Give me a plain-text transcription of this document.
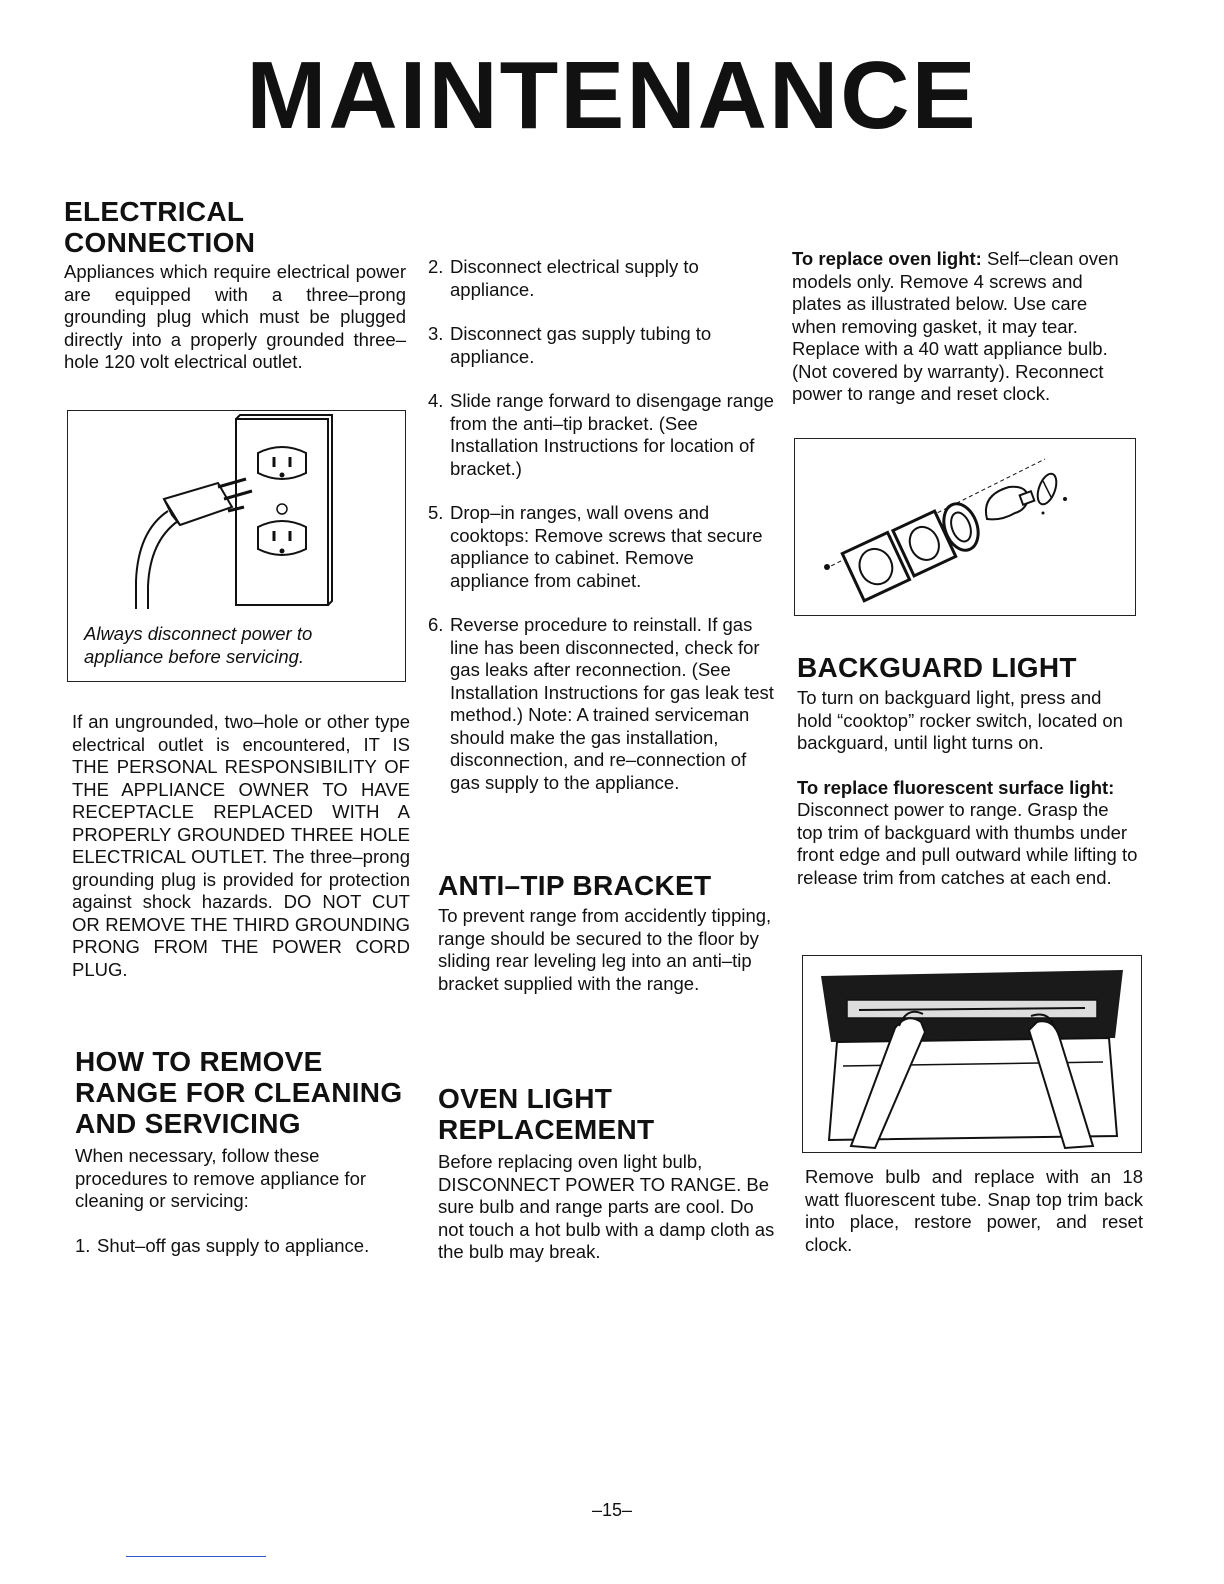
MAINTENANCE
ELECTRICAL CONNECTION

Appliances which require electrical power are equipped with a three–prong grounding plug which must be plugged directly into a properly grounded three–hole 120 volt electrical outlet.

Always disconnect power to appliance before servicing.

If an ungrounded, two–hole or other type electrical outlet is encountered, IT IS THE PERSONAL RESPONSIBILITY OF THE APPLIANCE OWNER TO HAVE RECEPTACLE REPLACED WITH A PROPERLY GROUNDED THREE HOLE ELECTRICAL OUTLET. The three–prong grounding plug is provided for protection against shock hazards. DO NOT CUT OR REMOVE THE THIRD GROUNDING PRONG FROM THE POWER CORD PLUG.

HOW TO REMOVE RANGE FOR CLEANING AND SERVICING

When necessary, follow these procedures to remove appliance for cleaning or servicing:

1. Shut–off gas supply to appliance.
2. Disconnect electrical supply to appliance.
3. Disconnect gas supply tubing to appliance.
4. Slide range forward to disengage range from the anti–tip bracket. (See Installation Instructions for location of bracket.)
5. Drop–in ranges, wall ovens and cooktops: Remove screws that secure appliance to cabinet. Remove appliance from cabinet.
6. Reverse procedure to reinstall. If gas line has been disconnected, check for gas leaks after reconnection. (See Installation Instructions for gas leak test method.) Note: A trained serviceman should make the gas installation, disconnection, and re–connection of gas supply to the appliance.
ANTI–TIP BRACKET

To prevent range from accidently tipping, range should be secured to the floor by sliding rear leveling leg into an anti–tip bracket supplied with the range.

OVEN LIGHT REPLACEMENT

Before replacing oven light bulb, DISCONNECT POWER TO RANGE. Be sure bulb and range parts are cool. Do not touch a hot bulb with a damp cloth as the bulb may break.

To replace oven light: Self–clean oven models only. Remove 4 screws and plates as illustrated below. Use care when removing gasket, it may tear. Replace with a 40 watt appliance bulb. (Not covered by warranty). Reconnect power to range and reset clock.

BACKGUARD LIGHT

To turn on backguard light, press and hold “cooktop” rocker switch, located on backguard, until light turns on.

To replace fluorescent surface light: Disconnect power to range. Grasp the top trim of backguard with thumbs under front edge and pull outward while lifting to release trim from catches at each end.

Remove bulb and replace with an 18 watt fluorescent tube. Snap top trim back into place, restore power, and reset clock.

–15–
